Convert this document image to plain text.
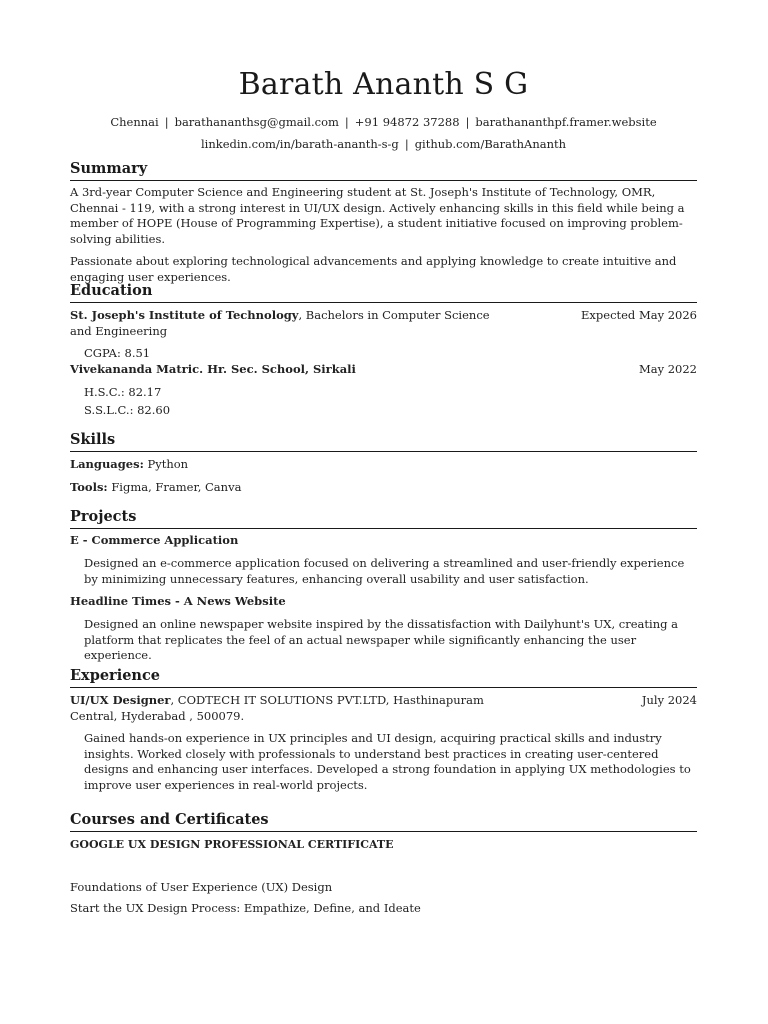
Barath Ananth S G
Chennai | barathananthsg@gmail.com | +91 94872 37288 | barathananthpf.framer.website
linkedin.com/in/barath-ananth-s-g | github.com/BarathAnanth
Summary
A 3rd-year Computer Science and Engineering student at St. Joseph's Institute of Technology, OMR, Chennai - 119, with a strong interest in UI/UX design. Actively enhancing skills in this field while being a member of HOPE (House of Programming Expertise), a student initiative focused on improving problem-solving abilities.
Passionate about exploring technological advancements and applying knowledge to create intuitive and engaging user experiences.
Education
St. Joseph's Institute of Technology, Bachelors in Computer Science and Engineering
Expected May 2026
CGPA: 8.51
Vivekananda Matric. Hr. Sec. School, Sirkali	May 2022
H.S.C.: 82.17
S.S.L.C.: 82.60
Skills
Languages: Python
Tools: Figma, Framer, Canva
Projects
E - Commerce Application
Designed an e-commerce application focused on delivering a streamlined and user-friendly experience by minimizing unnecessary features, enhancing overall usability and user satisfaction.
Headline Times - A News Website
Designed an online newspaper website inspired by the dissatisfaction with Dailyhunt's UX, creating a platform that replicates the feel of an actual newspaper while significantly enhancing the user experience.
Experience
UI/UX Designer, CODTECH IT SOLUTIONS PVT.LTD, Hasthinapuram Central, Hyderabad , 500079.
July 2024
Gained hands-on experience in UX principles and UI design, acquiring practical skills and industry insights. Worked closely with professionals to understand best practices in creating user-centered designs and enhancing user interfaces. Developed a strong foundation in applying UX methodologies to improve user experiences in real-world projects.
Courses and Certificates
GOOGLE UX DESIGN PROFESSIONAL CERTIFICATE
Foundations of User Experience (UX) Design
Start the UX Design Process: Empathize, Define, and Ideate
